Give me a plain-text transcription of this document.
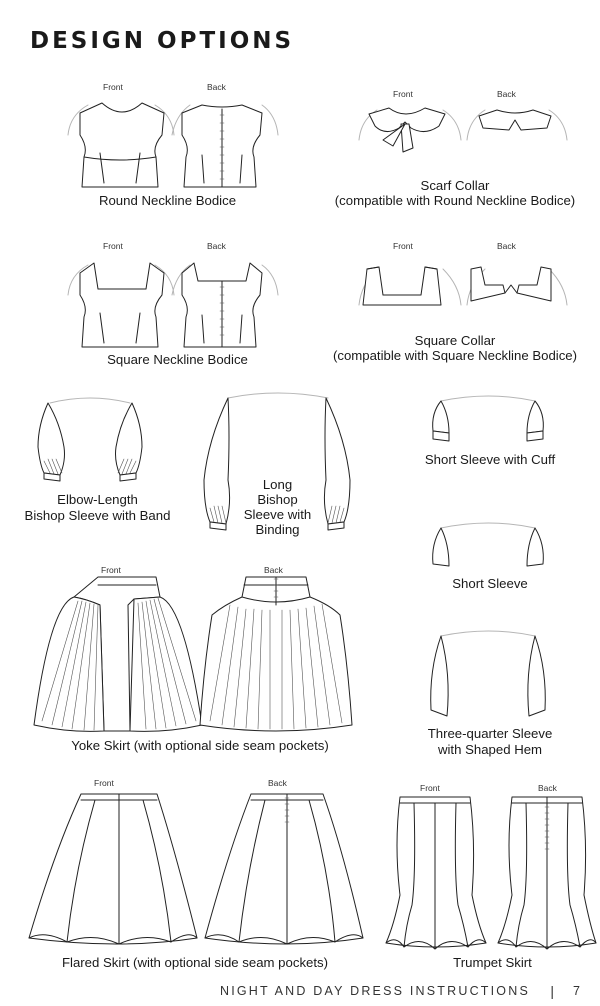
DESIGN OPTIONS
Front	Back
Round Neckline Bodice
Front	Back
Scarf Collar
(compatible with Round Neckline Bodice)
Front	Back
Square Neckline Bodice
Front	Back
Square Collar
(compatible with Square Neckline Bodice)
Elbow-Length
Bishop Sleeve with Band
Long
Bishop
Sleeve with
Binding
Short Sleeve with Cuff
Short Sleeve
Three-quarter Sleeve
with Shaped Hem
Front	Back
Yoke Skirt (with optional side seam pockets)
Front	Back
Flared Skirt (with optional side seam pockets)
Front	Back
Trumpet Skirt
NIGHT AND DAY DRESS INSTRUCTIONS | 7
